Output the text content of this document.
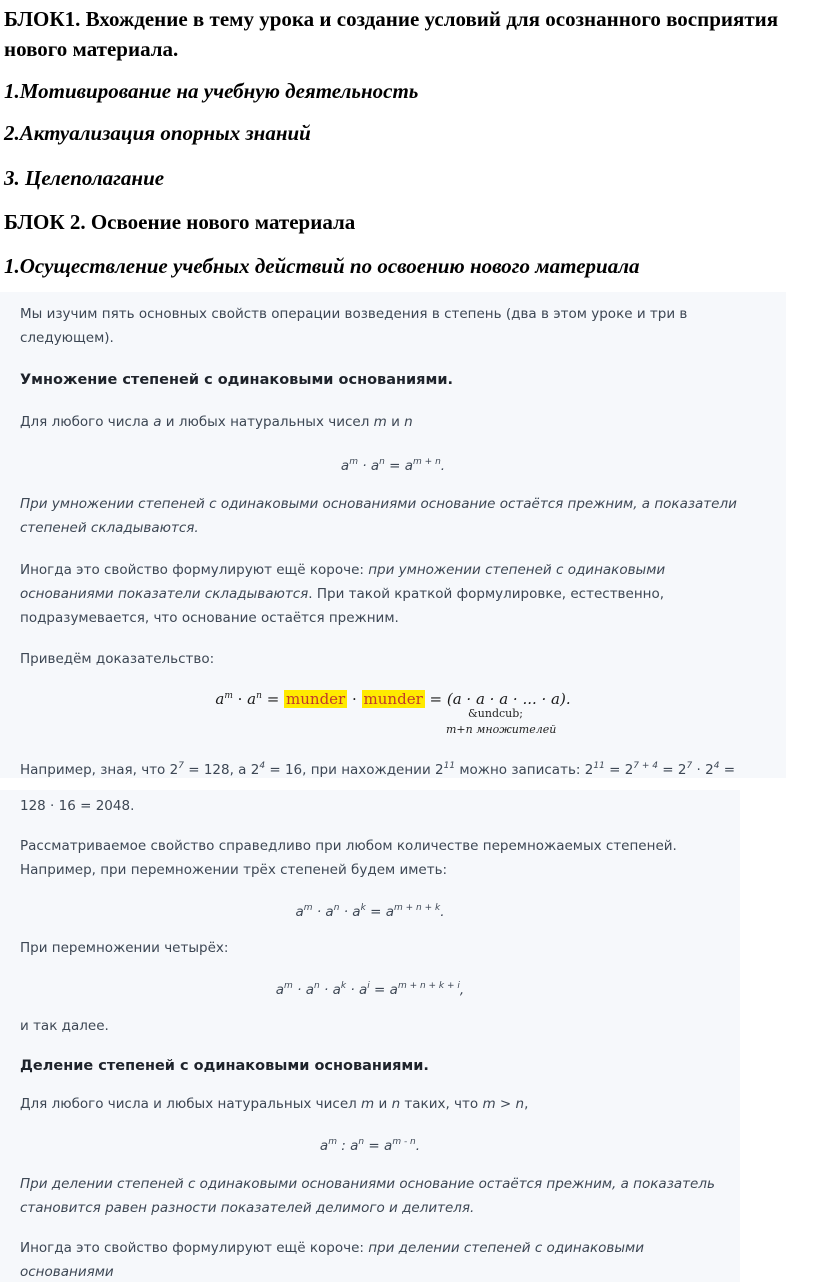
БЛОК1. Вхождение в тему урока и создание условий для осознанного восприятия нового материала.

1.Мотивирование на учебную деятельность

2.Актуализация опорных знаний

3. Целеполагание

БЛОК 2. Освоение нового материала

1.Осуществление учебных действий по освоению нового материала

Мы изучим пять основных свойств операции возведения в степень (два в этом уроке и три в следующем).

Умножение степеней с одинаковыми основаниями.

Для любого числа a и любых натуральных чисел m и n

$a^m \cdot a^n = a^{m + n}$.

При умножении степеней с одинаковыми основаниями основание остаётся прежним, а показатели степеней складываются.

Иногда это свойство формулируют ещё короче: при умножении степеней с одинаковыми основаниями показатели складываются. При такой краткой формулировке, естественно, подразумевается, что основание остаётся прежним.

Приведём доказательство:

$a^m \cdot a^n$ = munder · munder = (a · a · a · ... · a).

&undcub;

m+n множителей

Например, зная, что $2^7 = 128$, а $2^4 = 16$, при нахождении $2^{11}$ можно записать: $2^{11} = 2^{7 + 4} = 2^7 \cdot 2^4$ =

128 · 16 = 2048.

Рассматриваемое свойство справедливо при любом количестве перемножаемых степеней. Например, при перемножении трёх степеней будем иметь:

$a^m \cdot a^n \cdot a^k = a^{m + n + k}$.

При перемножении четырёх:

$a^m \cdot a^n \cdot a^k \cdot a^i = a^{m + n + k + i}$,

и так далее.

Деление степеней с одинаковыми основаниями.

Для любого числа и любых натуральных чисел m и n таких, что m > n,

$a^m$ : $a^n = a^{m - n}$.

При делении степеней с одинаковыми основаниями основание остаётся прежним, а показатель становится равен разности показателей делимого и делителя.

Иногда это свойство формулируют ещё короче: при делении степеней с одинаковыми основаниями
